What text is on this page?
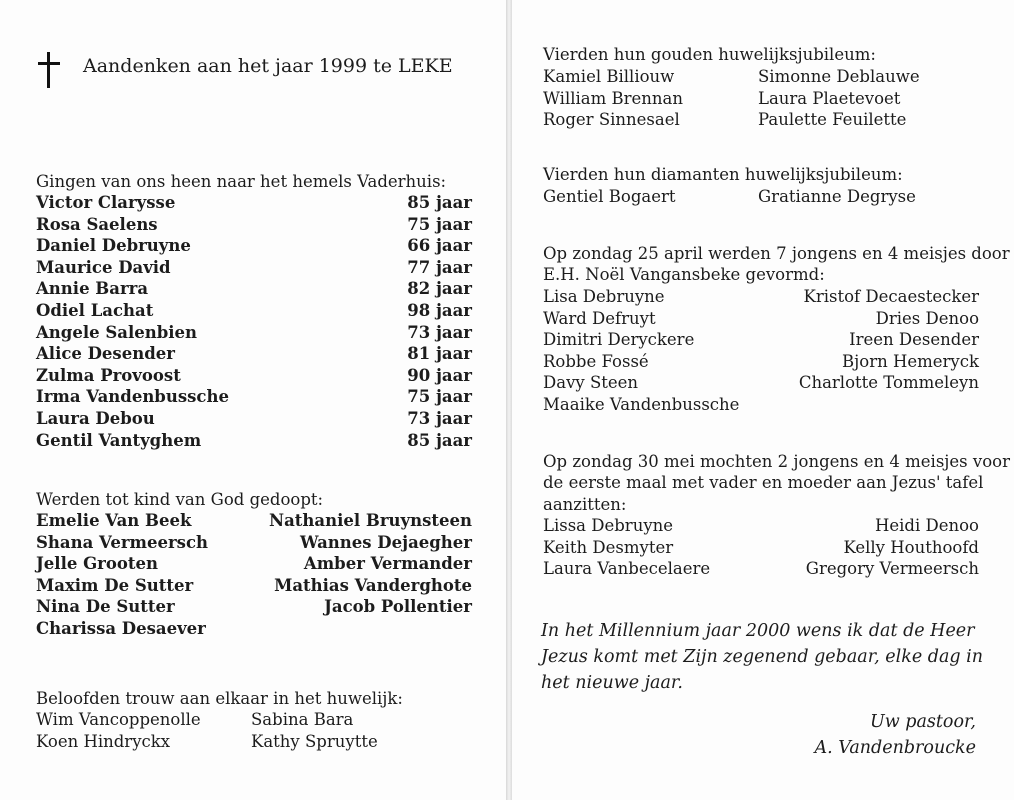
Aandenken aan het jaar 1999 te LEKE
Gingen van ons heen naar het hemels Vaderhuis:
Victor Clarysse	85 jaar
Rosa Saelens	75 jaar
Daniel Debruyne	66 jaar
Maurice David	77 jaar
Annie Barra	82 jaar
Odiel Lachat	98 jaar
Angele Salenbien	73 jaar
Alice Desender	81 jaar
Zulma Provoost	90 jaar
Irma Vandenbussche	75 jaar
Laura Debou	73 jaar
Gentil Vantyghem	85 jaar
Werden tot kind van God gedoopt:
Emelie Van Beek	Nathaniel Bruynsteen
Shana Vermeersch	Wannes Dejaegher
Jelle Grooten	Amber Vermander
Maxim De Sutter	Mathias Vanderghote
Nina De Sutter	Jacob Pollentier
Charissa Desaever
Beloofden trouw aan elkaar in het huwelijk:
Wim Vancoppenolle	Sabina Bara
Koen Hindryckx	Kathy Spruytte
Vierden hun gouden huwelijksjubileum:
Kamiel Billiouw	Simonne Deblauwe
William Brennan	Laura Plaetevoet
Roger Sinnesael	Paulette Feuilette
Vierden hun diamanten huwelijksjubileum:
Gentiel Bogaert	Gratianne Degryse
Op zondag 25 april werden 7 jongens en 4 meisjes door
E.H. Noël Vangansbeke gevormd:
Lisa Debruyne	Kristof Decaestecker
Ward Defruyt	Dries Denoo
Dimitri Deryckere	Ireen Desender
Robbe Fossé	Bjorn Hemeryck
Davy Steen	Charlotte Tommeleyn
Maaike Vandenbussche
Op zondag 30 mei mochten 2 jongens en 4 meisjes voor
de eerste maal met vader en moeder aan Jezus' tafel
aanzitten:
Lissa Debruyne	Heidi Denoo
Keith Desmyter	Kelly Houthoofd
Laura Vanbecelaere	Gregory Vermeersch
In het Millennium jaar 2000 wens ik dat de Heer
Jezus komt met Zijn zegenend gebaar, elke dag in
het nieuwe jaar.
Uw pastoor,
A. Vandenbroucke
